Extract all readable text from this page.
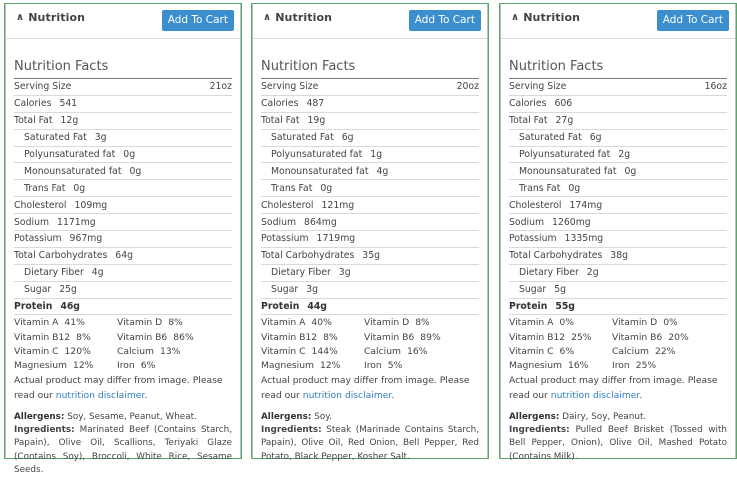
∧ Nutrition	Add To Cart
Nutrition Facts
Serving Size	21oz
Calories 541
Total Fat 12g
Saturated Fat 3g
Polyunsaturated fat 0g
Monounsaturated fat 0g
Trans Fat 0g
Cholesterol 109mg
Sodium 1171mg
Potassium 967mg
Total Carbohydrates 64g
Dietary Fiber 4g
Sugar 25g
Protein 46g
Vitamin A 41%	Vitamin D 8%
Vitamin B12 8%	Vitamin B6 86%
Vitamin C 120%	Calcium 13%
Magnesium 12%	Iron 6%
Actual product may differ from image. Please read our nutrition disclaimer.
Allergens: Soy, Sesame, Peanut, Wheat.
Ingredients: Marinated Beef (Contains Starch, Papain), Olive Oil, Scallions, Teriyaki Glaze (Contains Soy), Broccoli, White Rice, Sesame Seeds.
∧ Nutrition	Add To Cart
Nutrition Facts
Serving Size	20oz
Calories 487
Total Fat 19g
Saturated Fat 6g
Polyunsaturated fat 1g
Monounsaturated fat 4g
Trans Fat 0g
Cholesterol 121mg
Sodium 864mg
Potassium 1719mg
Total Carbohydrates 35g
Dietary Fiber 3g
Sugar 3g
Protein 44g
Vitamin A 40%	Vitamin D 8%
Vitamin B12 8%	Vitamin B6 89%
Vitamin C 144%	Calcium 16%
Magnesium 12%	Iron 5%
Actual product may differ from image. Please read our nutrition disclaimer.
Allergens: Soy.
Ingredients: Steak (Marinade Contains Starch, Papain), Olive Oil, Red Onion, Bell Pepper, Red Potato, Black Pepper, Kosher Salt.
∧ Nutrition	Add To Cart
Nutrition Facts
Serving Size	16oz
Calories 606
Total Fat 27g
Saturated Fat 6g
Polyunsaturated fat 2g
Monounsaturated fat 0g
Trans Fat 0g
Cholesterol 174mg
Sodium 1260mg
Potassium 1335mg
Total Carbohydrates 38g
Dietary Fiber 2g
Sugar 5g
Protein 55g
Vitamin A 0%	Vitamin D 0%
Vitamin B12 25%	Vitamin B6 20%
Vitamin C 6%	Calcium 22%
Magnesium 16%	Iron 25%
Actual product may differ from image. Please read our nutrition disclaimer.
Allergens: Dairy, Soy, Peanut.
Ingredients: Pulled Beef Brisket (Tossed with Bell Pepper, Onion), Olive Oil, Mashed Potato (Contains Milk).
